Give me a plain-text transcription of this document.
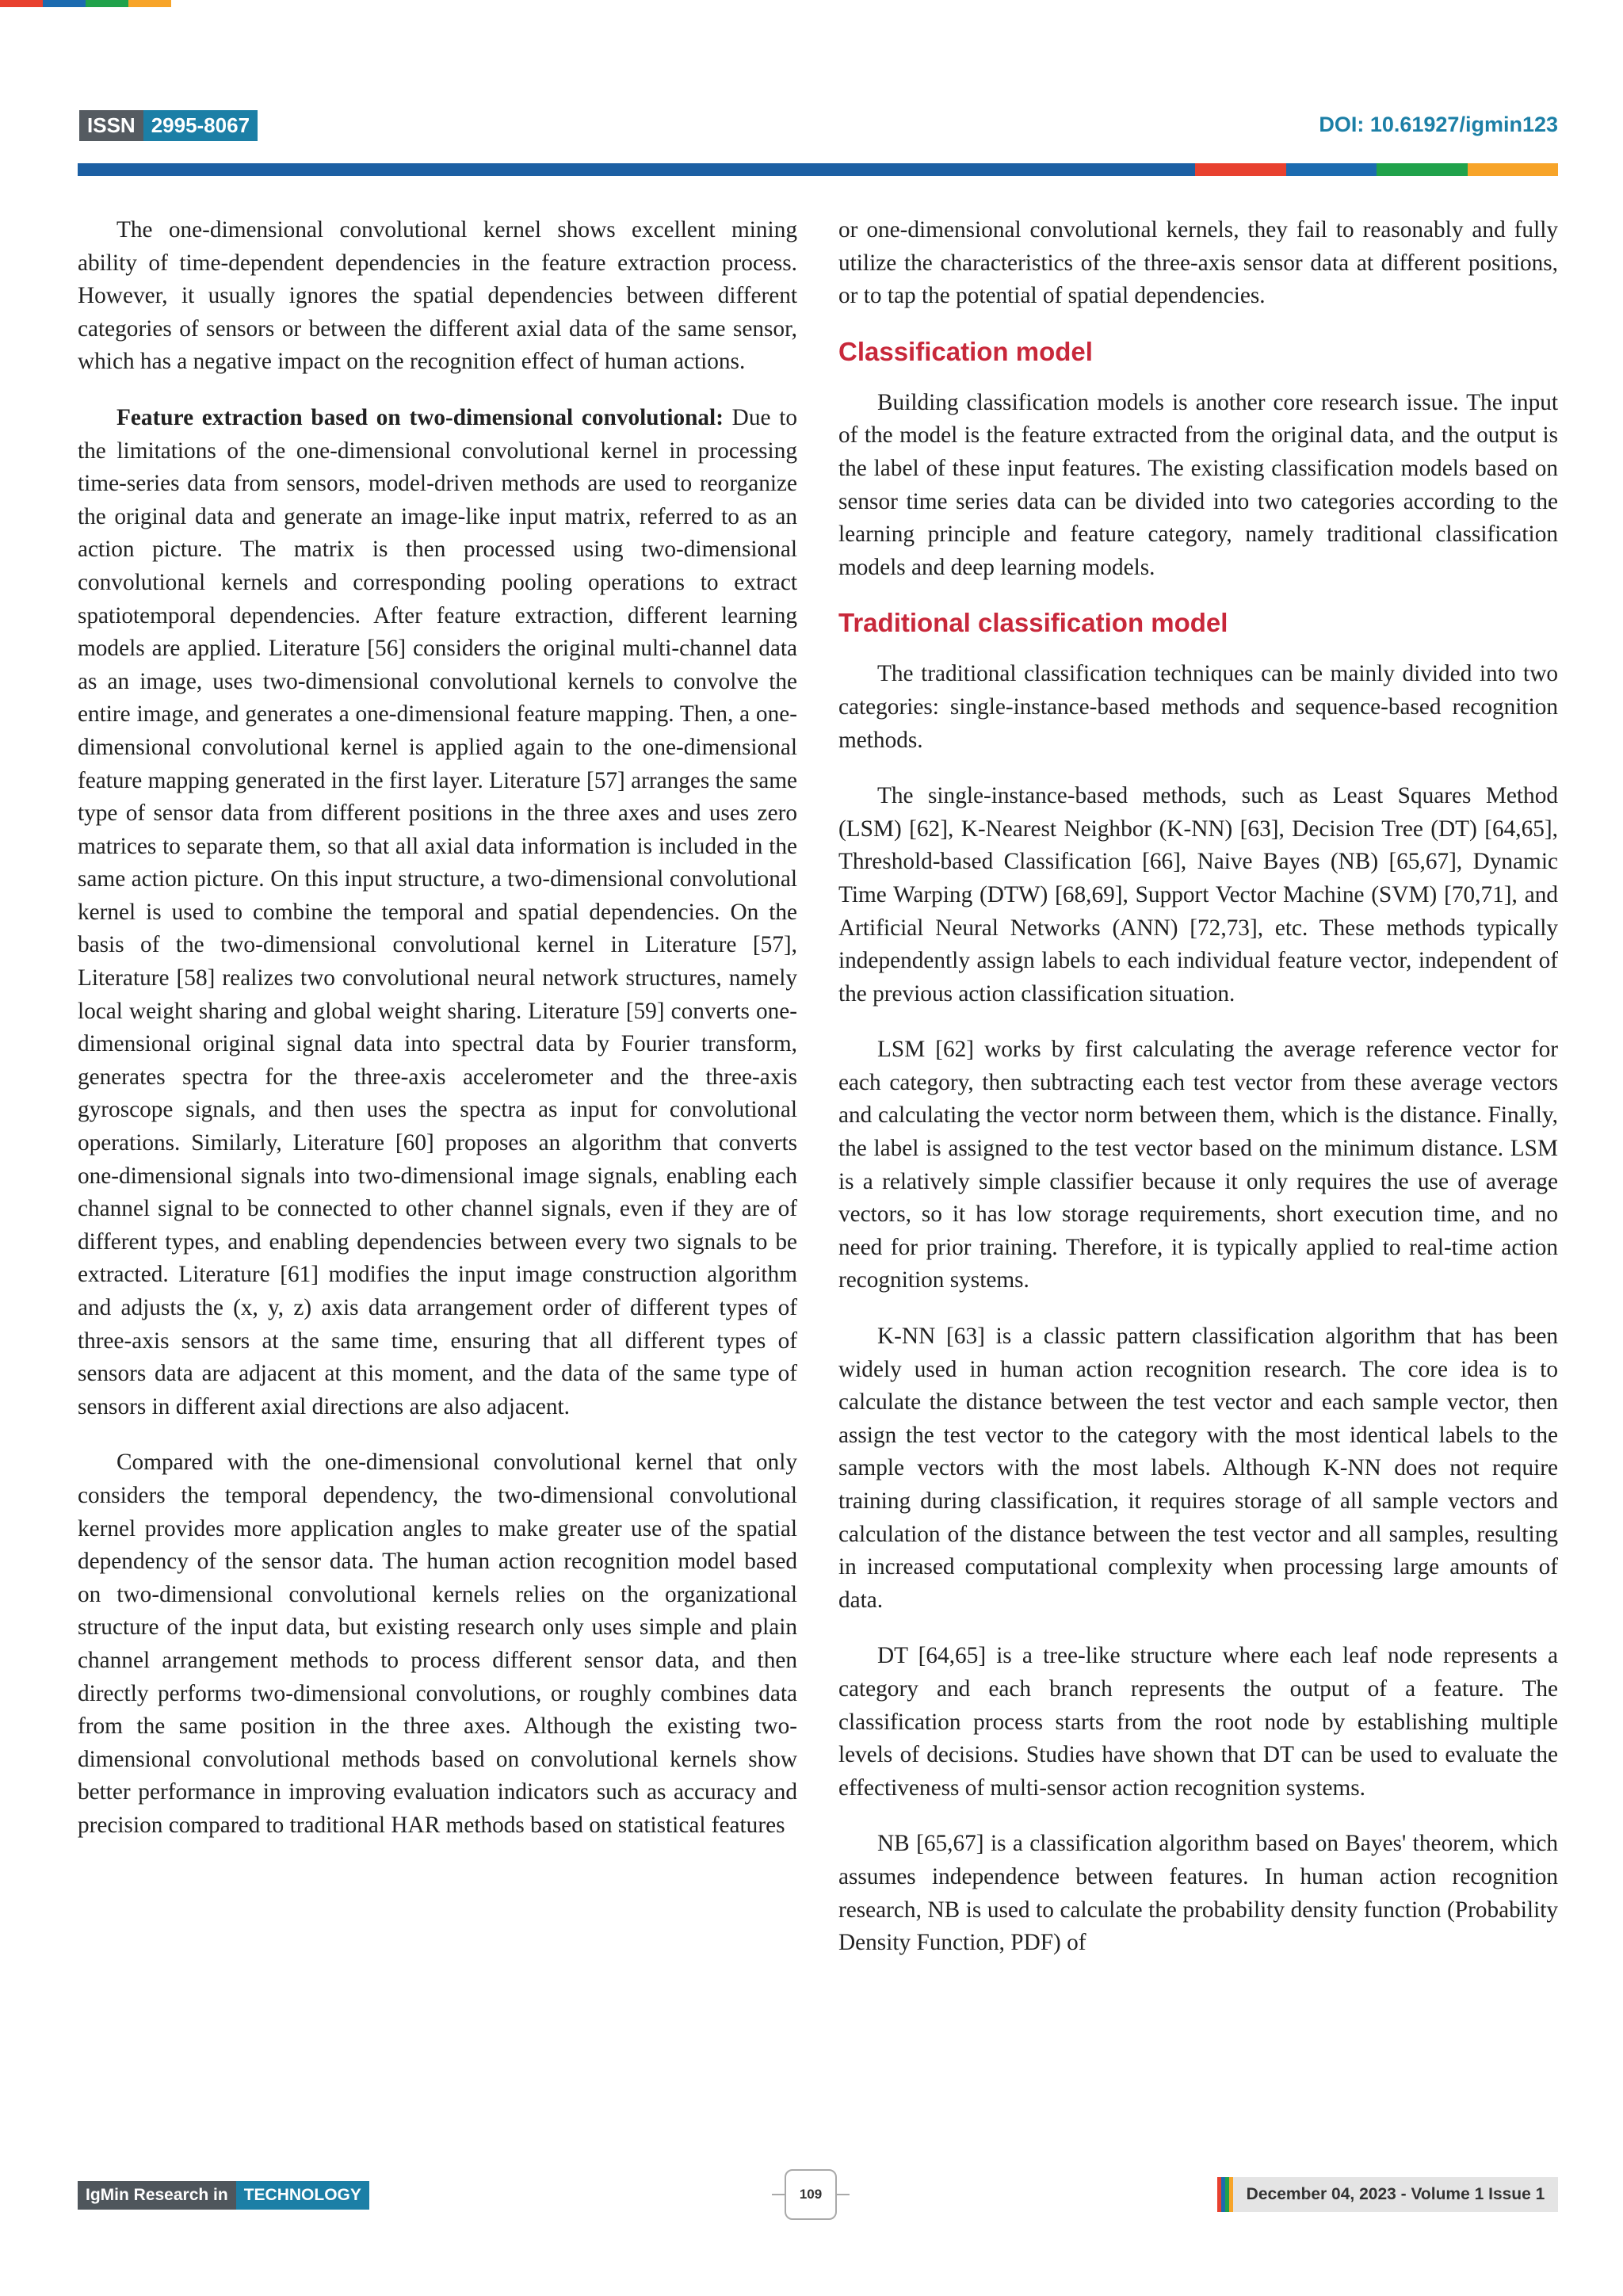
ISSN 2995-8067	DOI: 10.61927/igmin123

The one-dimensional convolutional kernel shows excellent mining ability of time-dependent dependencies in the feature extraction process. However, it usually ignores the spatial dependencies between different categories of sensors or between the different axial data of the same sensor, which has a negative impact on the recognition effect of human actions.

Feature extraction based on two-dimensional convolutional: Due to the limitations of the one-dimensional convolutional kernel in processing time-series data from sensors, model-driven methods are used to reorganize the original data and generate an image-like input matrix, referred to as an action picture. The matrix is then processed using two-dimensional convolutional kernels and corresponding pooling operations to extract spatiotemporal dependencies. After feature extraction, different learning models are applied. Literature [56] considers the original multi-channel data as an image, uses two-dimensional convolutional kernels to convolve the entire image, and generates a one-dimensional feature mapping. Then, a one-dimensional convolutional kernel is applied again to the one-dimensional feature mapping generated in the first layer. Literature [57] arranges the same type of sensor data from different positions in the three axes and uses zero matrices to separate them, so that all axial data information is included in the same action picture. On this input structure, a two-dimensional convolutional kernel is used to combine the temporal and spatial dependencies. On the basis of the two-dimensional convolutional kernel in Literature [57], Literature [58] realizes two convolutional neural network structures, namely local weight sharing and global weight sharing. Literature [59] converts one-dimensional original signal data into spectral data by Fourier transform, generates spectra for the three-axis accelerometer and the three-axis gyroscope signals, and then uses the spectra as input for convolutional operations. Similarly, Literature [60] proposes an algorithm that converts one-dimensional signals into two-dimensional image signals, enabling each channel signal to be connected to other channel signals, even if they are of different types, and enabling dependencies between every two signals to be extracted. Literature [61] modifies the input image construction algorithm and adjusts the (x, y, z) axis data arrangement order of different types of three-axis sensors at the same time, ensuring that all different types of sensors data are adjacent at this moment, and the data of the same type of sensors in different axial directions are also adjacent.

Compared with the one-dimensional convolutional kernel that only considers the temporal dependency, the two-dimensional convolutional kernel provides more application angles to make greater use of the spatial dependency of the sensor data. The human action recognition model based on two-dimensional convolutional kernels relies on the organizational structure of the input data, but existing research only uses simple and plain channel arrangement methods to process different sensor data, and then directly performs two-dimensional convolutions, or roughly combines data from the same position in the three axes. Although the existing two-dimensional convolutional methods based on convolutional kernels show better performance in improving evaluation indicators such as accuracy and precision compared to traditional HAR methods based on statistical features

or one-dimensional convolutional kernels, they fail to reasonably and fully utilize the characteristics of the three-axis sensor data at different positions, or to tap the potential of spatial dependencies.

Classification model

Building classification models is another core research issue. The input of the model is the feature extracted from the original data, and the output is the label of these input features. The existing classification models based on sensor time series data can be divided into two categories according to the learning principle and feature category, namely traditional classification models and deep learning models.

Traditional classification model

The traditional classification techniques can be mainly divided into two categories: single-instance-based methods and sequence-based recognition methods.

The single-instance-based methods, such as Least Squares Method (LSM) [62], K-Nearest Neighbor (K-NN) [63], Decision Tree (DT) [64,65], Threshold-based Classification [66], Naive Bayes (NB) [65,67], Dynamic Time Warping (DTW) [68,69], Support Vector Machine (SVM) [70,71], and Artificial Neural Networks (ANN) [72,73], etc. These methods typically independently assign labels to each individual feature vector, independent of the previous action classification situation.

LSM [62] works by first calculating the average reference vector for each category, then subtracting each test vector from these average vectors and calculating the vector norm between them, which is the distance. Finally, the label is assigned to the test vector based on the minimum distance. LSM is a relatively simple classifier because it only requires the use of average vectors, so it has low storage requirements, short execution time, and no need for prior training. Therefore, it is typically applied to real-time action recognition systems.

K-NN [63] is a classic pattern classification algorithm that has been widely used in human action recognition research. The core idea is to calculate the distance between the test vector and each sample vector, then assign the test vector to the category with the most identical labels to the sample vectors with the most labels. Although K-NN does not require training during classification, it requires storage of all sample vectors and calculation of the distance between the test vector and all samples, resulting in increased computational complexity when processing large amounts of data.

DT [64,65] is a tree-like structure where each leaf node represents a category and each branch represents the output of a feature. The classification process starts from the root node by establishing multiple levels of decisions. Studies have shown that DT can be used to evaluate the effectiveness of multi-sensor action recognition systems.

NB [65,67] is a classification algorithm based on Bayes' theorem, which assumes independence between features. In human action recognition research, NB is used to calculate the probability density function (Probability Density Function, PDF) of

IgMin Research in TECHNOLOGY	109	December 04, 2023 - Volume 1 Issue 1
